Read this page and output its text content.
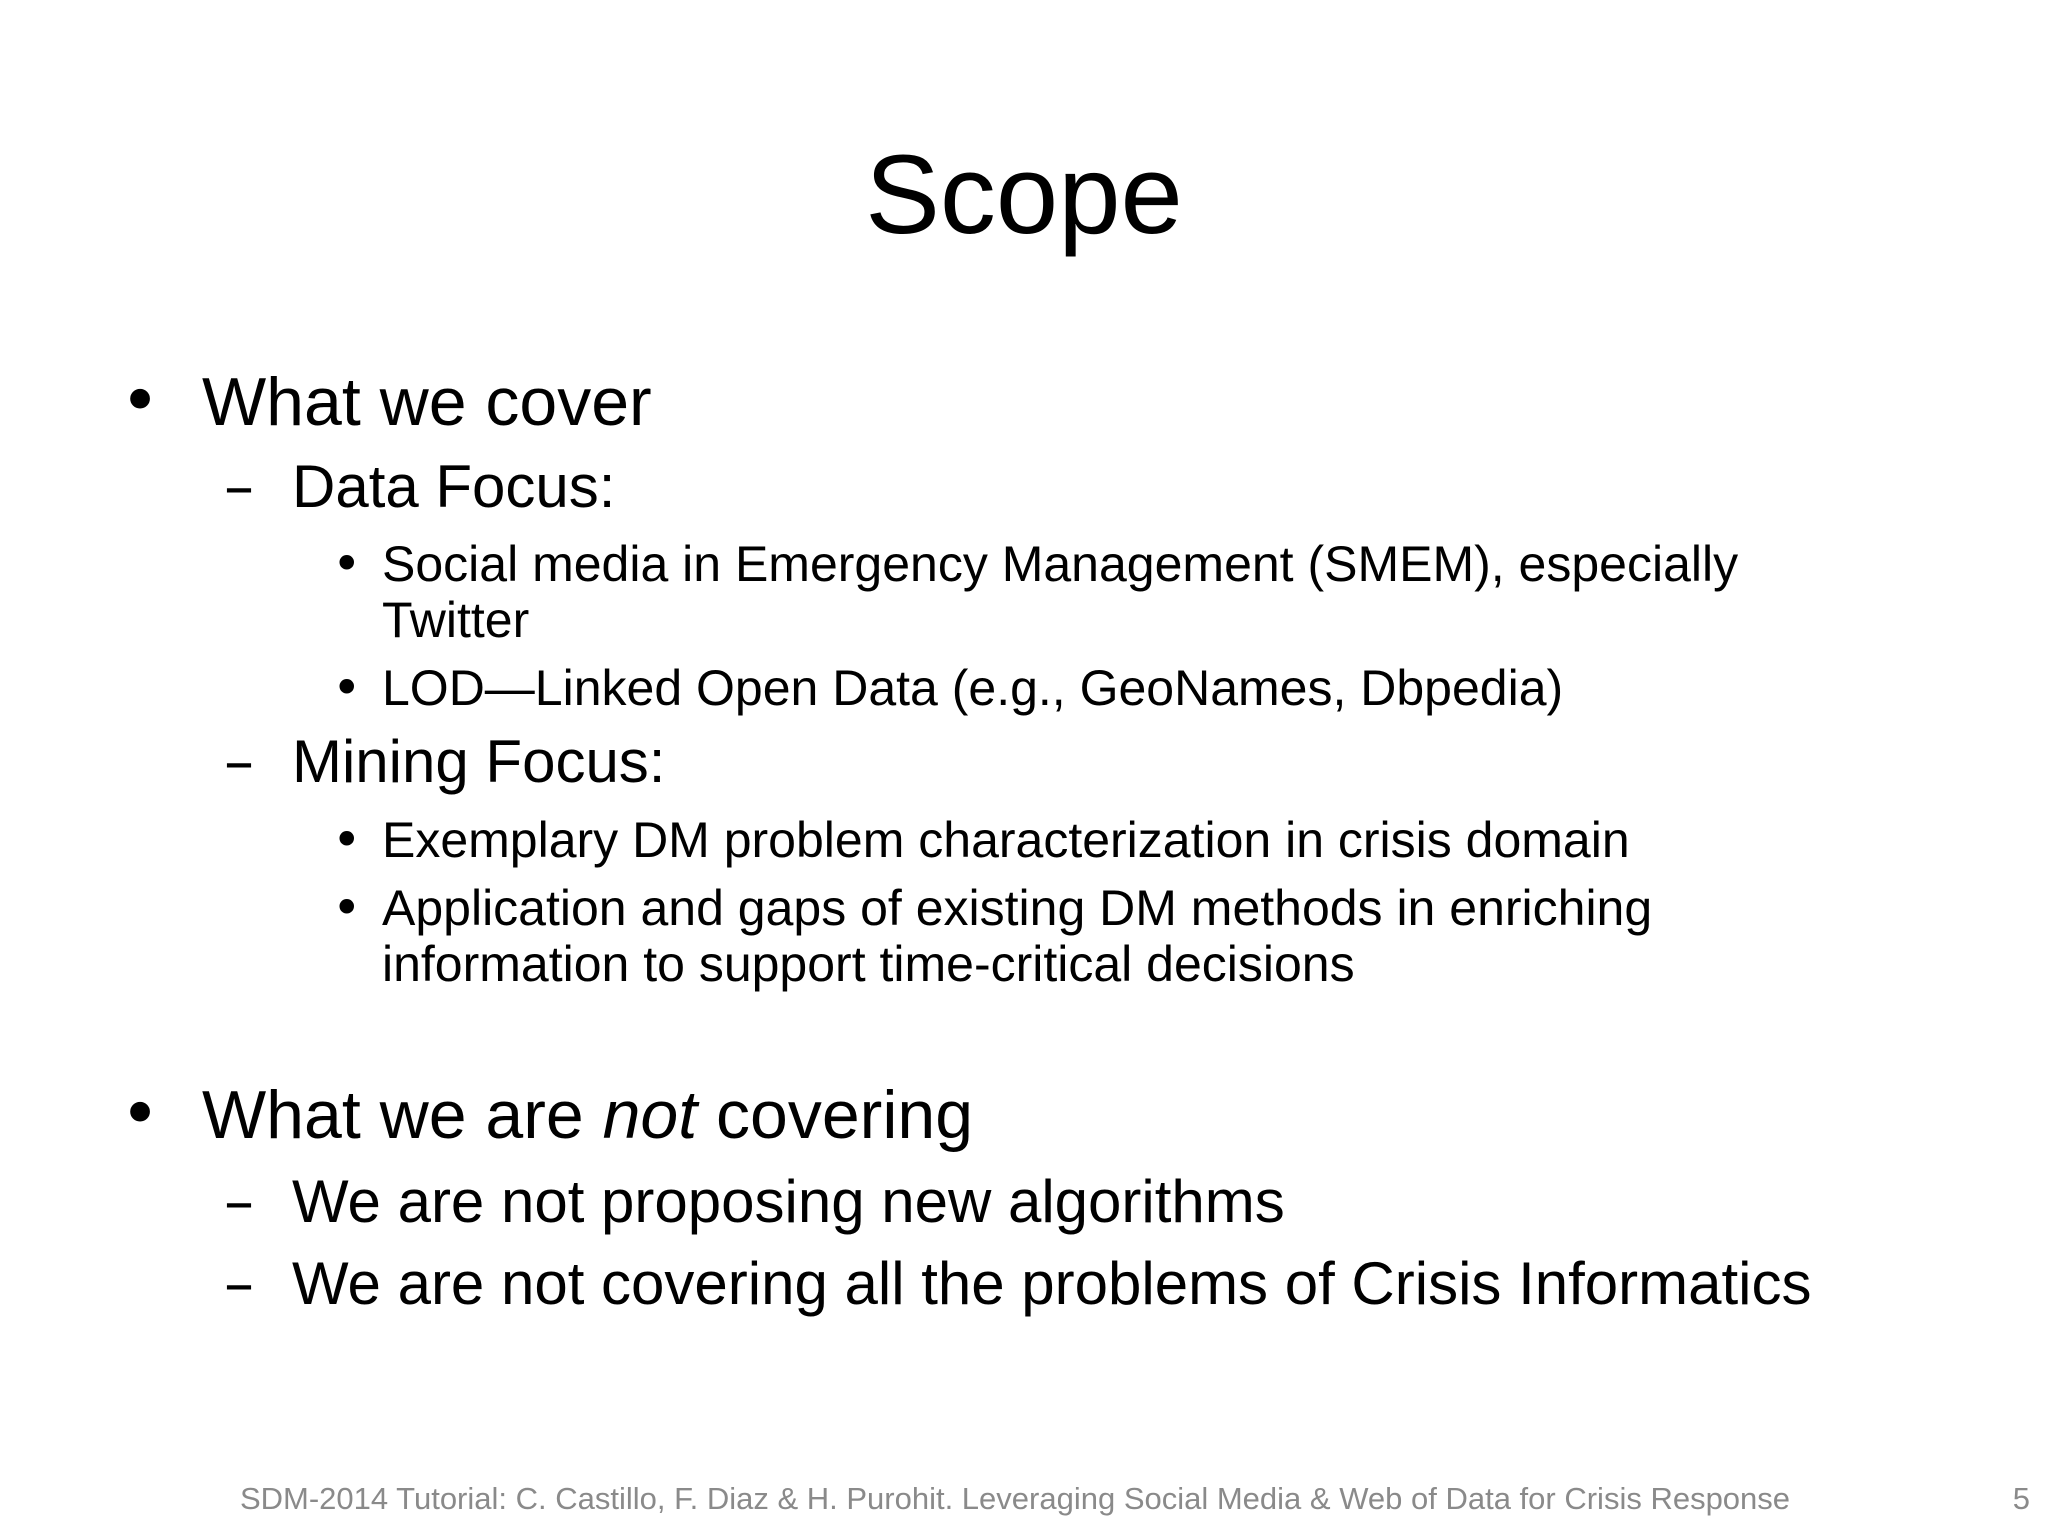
Scope
• What we cover
– Data Focus:
• Social media in Emergency Management (SMEM), especially
Twitter
• LOD—Linked Open Data (e.g., GeoNames, Dbpedia)
– Mining Focus:
• Exemplary DM problem characterization in crisis domain
• Application and gaps of existing DM methods in enriching
information to support time-critical decisions
• What we are not covering
– We are not proposing new algorithms
– We are not covering all the problems of Crisis Informatics
SDM-2014 Tutorial: C. Castillo, F. Diaz & H. Purohit. Leveraging Social Media & Web of Data for Crisis Response	5
